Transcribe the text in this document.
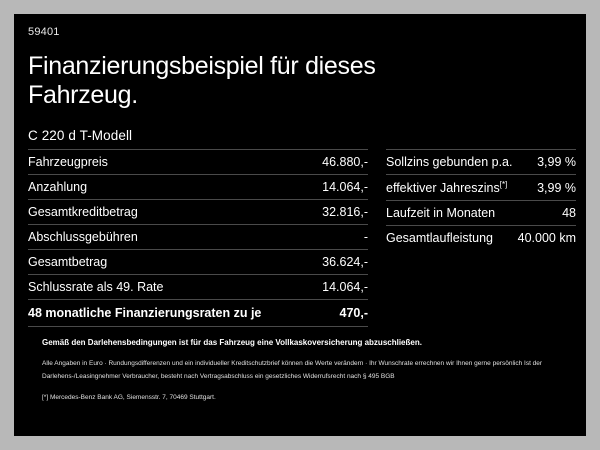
59401
Finanzierungsbeispiel für dieses Fahrzeug.
C 220 d T-Modell
Fahrzeugpreis	46.880,-
Anzahlung	14.064,-
Gesamtkreditbetrag	32.816,-
Abschlussgebühren	-
Gesamtbetrag	36.624,-
Schlussrate als 49. Rate	14.064,-
48 monatliche Finanzierungsraten zu je	470,-
Sollzins gebunden p.a.	3,99 %
effektiver Jahreszins[*]	3,99 %
Laufzeit in Monaten	48
Gesamtlaufleistung	40.000 km
Gemäß den Darlehensbedingungen ist für das Fahrzeug eine Vollkaskoversicherung abzuschließen.
Alle Angaben in Euro · Rundungsdifferenzen und ein individueller Kreditschutzbrief können die Werte verändern · Ihr Wunschrate errechnen wir Ihnen gerne persönlich Ist der Darlehens-/Leasingnehmer Verbraucher, besteht nach Vertragsabschluss ein gesetzliches Widerrufsrecht nach § 495 BGB
[*] Mercedes-Benz Bank AG, Siemensstr. 7, 70469 Stuttgart.
